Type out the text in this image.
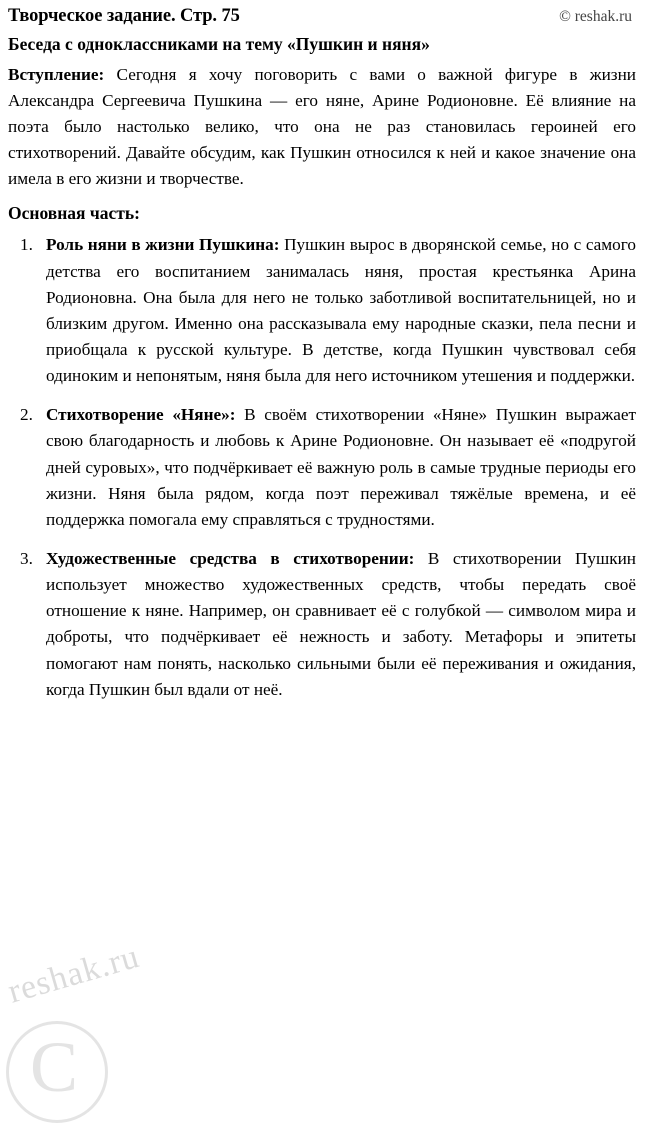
Творческое задание. Стр. 75	© reshak.ru
Беседа с одноклассниками на тему «Пушкин и няня»

Вступление: Сегодня я хочу поговорить с вами о важной фигуре в жизни Александра Сергеевича Пушкина — его няне, Арине Родионовне. Её влияние на поэта было настолько велико, что она не раз становилась героиней его стихотворений. Давайте обсудим, как Пушкин относился к ней и какое значение она имела в его жизни и творчестве.

Основная часть:
Роль няни в жизни Пушкина: Пушкин вырос в дворянской семье, но с самого детства его воспитанием занималась няня, простая крестьянка Арина Родионовна. Она была для него не только заботливой воспитательницей, но и близким другом. Именно она рассказывала ему народные сказки, пела песни и приобщала к русской культуре. В детстве, когда Пушкин чувствовал себя одиноким и непонятым, няня была для него источником утешения и поддержки.
Стихотворение «Няне»: В своём стихотворении «Няне» Пушкин выражает свою благодарность и любовь к Арине Родионовне. Он называет её «подругой дней суровых», что подчёркивает её важную роль в самые трудные периоды его жизни. Няня была рядом, когда поэт переживал тяжёлые времена, и её поддержка помогала ему справляться с трудностями.
Художественные средства в стихотворении: В стихотворении Пушкин использует множество художественных средств, чтобы передать своё отношение к няне. Например, он сравнивает её с голубкой — символом мира и доброты, что подчёркивает её нежность и заботу. Метафоры и эпитеты помогают нам понять, насколько сильными были её переживания и ожидания, когда Пушкин был вдали от неё.
reshak.ru
C
